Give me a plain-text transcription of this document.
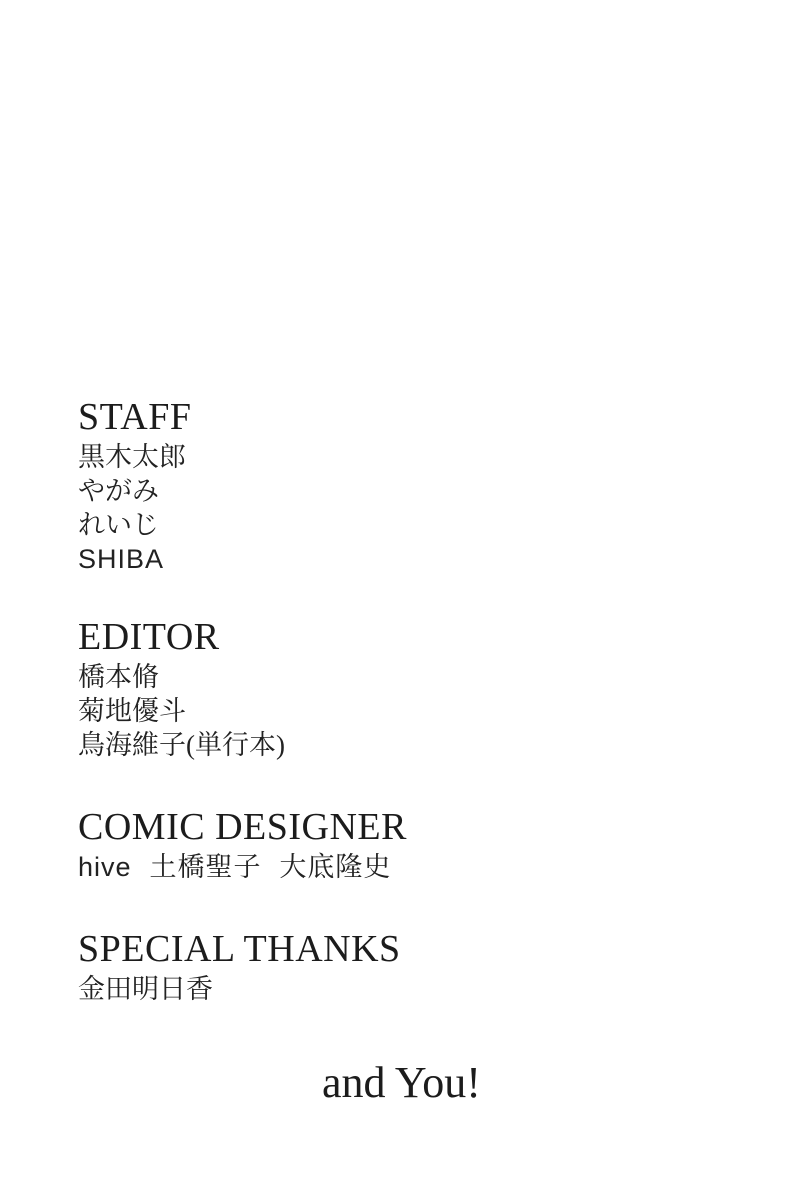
STAFF
黒木太郎
やがみ
れいじ
SHIBA
EDITOR
橋本脩
菊地優斗
鳥海維子(単行本)
COMIC DESIGNER
hive 土橋聖子 大底隆史
SPECIAL THANKS
金田明日香
and You!
